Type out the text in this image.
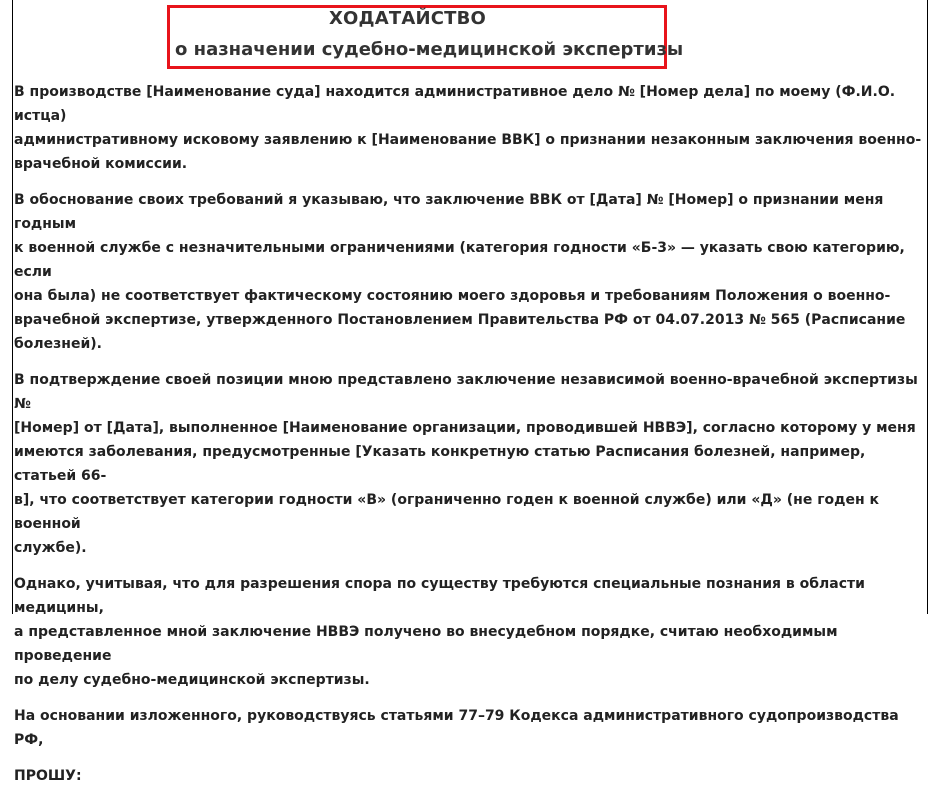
ХОДАТАЙСТВО
о назначении судебно-медицинской экспертизы

В производстве [Наименование суда] находится административное дело № [Номер дела] по моему (Ф.И.О. истца)
административному исковому заявлению к [Наименование ВВК] о признании незаконным заключения военно-
врачебной комиссии.

В обоснование своих требований я указываю, что заключение ВВК от [Дата] № [Номер] о признании меня годным
к военной службе с незначительными ограничениями (категория годности «Б-3» — указать свою категорию, если
она была) не соответствует фактическому состоянию моего здоровья и требованиям Положения о военно-
врачебной экспертизе, утвержденного Постановлением Правительства РФ от 04.07.2013 № 565 (Расписание
болезней).

В подтверждение своей позиции мною представлено заключение независимой военно-врачебной экспертизы №
[Номер] от [Дата], выполненное [Наименование организации, проводившей НВВЭ], согласно которому у меня
имеются заболевания, предусмотренные [Указать конкретную статью Расписания болезней, например, статьей 66-
в], что соответствует категории годности «В» (ограниченно годен к военной службе) или «Д» (не годен к военной
службе).

Однако, учитывая, что для разрешения спора по существу требуются специальные познания в области медицины,
а представленное мной заключение НВВЭ получено во внесудебном порядке, считаю необходимым проведение
по делу судебно-медицинской экспертизы.

На основании изложенного, руководствуясь статьями 77–79 Кодекса административного судопроизводства РФ,

ПРОШУ:
